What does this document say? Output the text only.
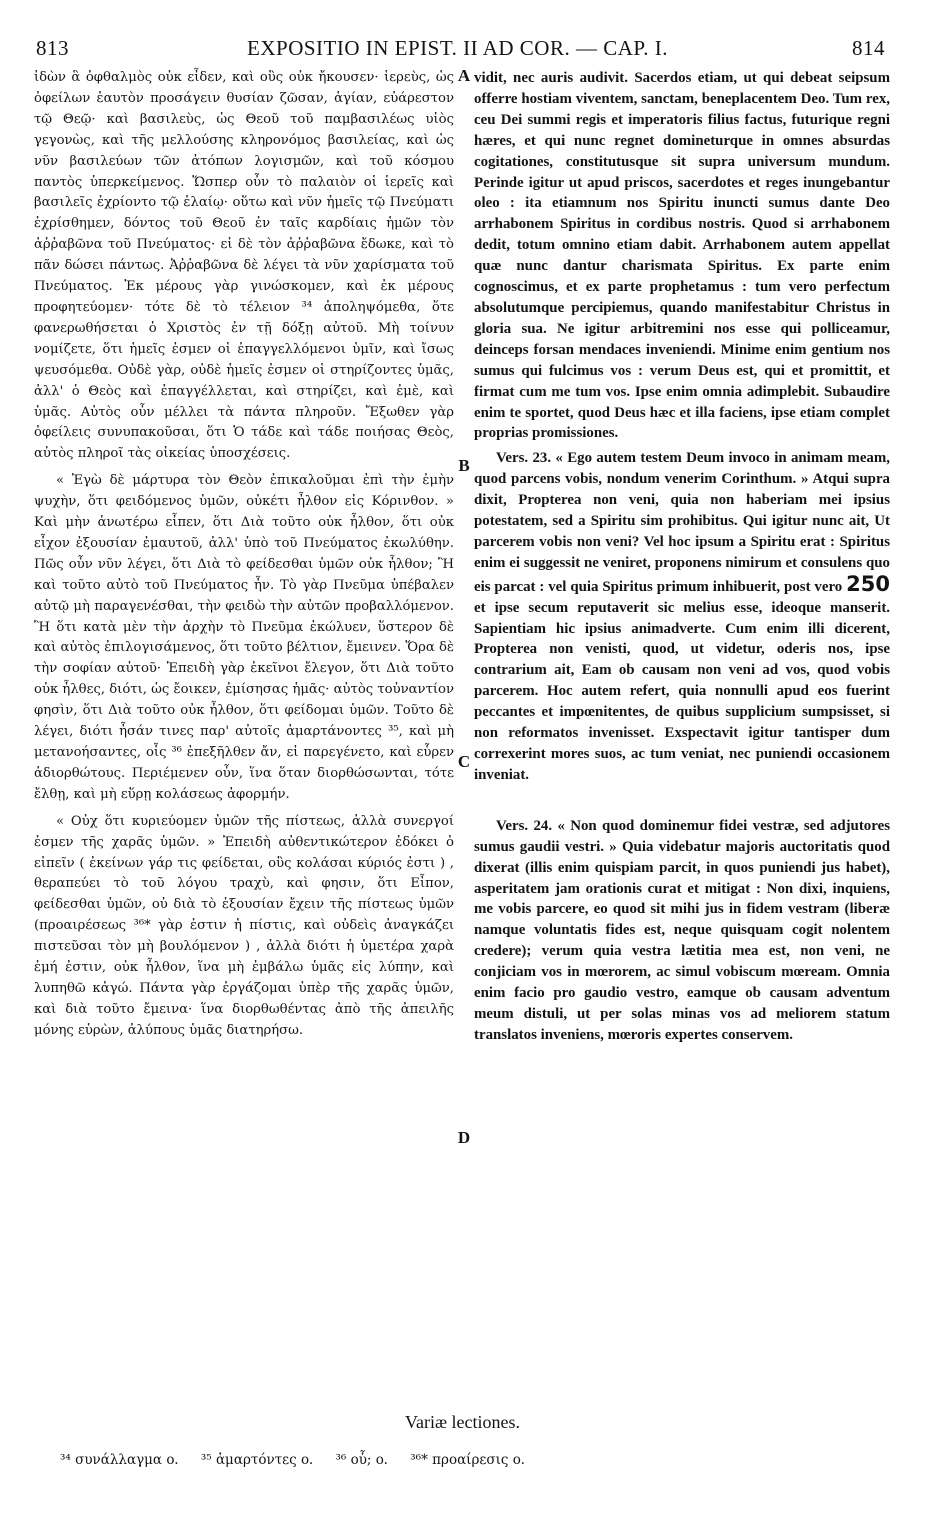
813	EXPOSITIO IN EPIST. II AD COR. — CAP. I.	814

ἰδὼν ἃ ὀφθαλμὸς οὐκ εἶδεν, καὶ οὓς οὐκ ἤκουσεν· ἱερεὺς, ὡς ὀφείλων ἑαυτὸν προσάγειν θυσίαν ζῶσαν, ἁγίαν, εὐάρεστον τῷ Θεῷ· καὶ βασιλεὺς, ὡς Θεοῦ τοῦ παμβασιλέως υἱὸς γεγονὼς, καὶ τῆς μελλούσης κληρονόμος βασιλείας, καὶ ὡς νῦν βασιλεύων τῶν ἀτόπων λογισμῶν, καὶ τοῦ κόσμου παντὸς ὑπερκείμενος. Ὥσπερ οὖν τὸ παλαιὸν οἱ ἱερεῖς καὶ βασιλεῖς ἐχρίοντο τῷ ἐλαίῳ· οὕτω καὶ νῦν ἡμεῖς τῷ Πνεύματι ἐχρίσθημεν, δόντος τοῦ Θεοῦ ἐν ταῖς καρδίαις ἡμῶν τὸν ἀῤῥαβῶνα τοῦ Πνεύματος· εἰ δὲ τὸν ἀῤῥαβῶνα ἔδωκε, καὶ τὸ πᾶν δώσει πάντως. Ἀῤῥαβῶνα δὲ λέγει τὰ νῦν χαρίσματα τοῦ Πνεύματος. Ἐκ μέρους γὰρ γινώσκομεν, καὶ ἐκ μέρους προφητεύομεν· τότε δὲ τὸ τέλειον ³⁴ ἀποληψόμεθα, ὅτε φανερωθήσεται ὁ Χριστὸς ἐν τῇ δόξῃ αὐτοῦ. Μὴ τοίνυν νομίζετε, ὅτι ἡμεῖς ἐσμεν οἱ ἐπαγγελλόμενοι ὑμῖν, καὶ ἴσως ψευσόμεθα. Οὐδὲ γὰρ, οὐδὲ ἡμεῖς ἐσμεν οἱ στηρίζοντες ὑμᾶς, ἀλλ' ὁ Θεὸς καὶ ἐπαγγέλλεται, καὶ στηρίζει, καὶ ἐμὲ, καὶ ὑμᾶς. Αὐτὸς οὖν μέλλει τὰ πάντα πληροῦν. Ἔξωθεν γὰρ ὀφείλεις συνυπακοῦσαι, ὅτι Ὁ τάδε καὶ τάδε ποιήσας Θεὸς, αὐτὸς πληροῖ τὰς οἰκείας ὑποσχέσεις.

« Ἐγὼ δὲ μάρτυρα τὸν Θεὸν ἐπικαλοῦμαι ἐπὶ τὴν ἐμὴν ψυχὴν, ὅτι φειδόμενος ὑμῶν, οὐκέτι ἦλθον εἰς Κόρινθον. » Καὶ μὴν ἀνωτέρω εἶπεν, ὅτι Διὰ τοῦτο οὐκ ἦλθον, ὅτι οὐκ εἶχον ἐξουσίαν ἐμαυτοῦ, ἀλλ' ὑπὸ τοῦ Πνεύματος ἐκωλύθην. Πῶς οὖν νῦν λέγει, ὅτι Διὰ τὸ φείδεσθαι ὑμῶν οὐκ ἦλθον; Ἢ καὶ τοῦτο αὐτὸ τοῦ Πνεύματος ἦν. Τὸ γὰρ Πνεῦμα ὑπέβαλεν αὐτῷ μὴ παραγενέσθαι, τὴν φειδὼ τὴν αὐτῶν προβαλλόμενον. Ἢ ὅτι κατὰ μὲν τὴν ἀρχὴν τὸ Πνεῦμα ἐκώλυεν, ὕστερον δὲ καὶ αὐτὸς ἐπιλογισάμενος, ὅτι τοῦτο βέλτιον, ἔμεινεν. Ὅρα δὲ τὴν σοφίαν αὐτοῦ· Ἐπειδὴ γὰρ ἐκεῖνοι ἔλεγον, ὅτι Διὰ τοῦτο οὐκ ἦλθες, διότι, ὡς ἔοικεν, ἐμίσησας ἡμᾶς· αὐτὸς τοὐναντίον φησὶν, ὅτι Διὰ τοῦτο οὐκ ἦλθον, ὅτι φείδομαι ὑμῶν. Τοῦτο δὲ λέγει, διότι ἦσάν τινες παρ' αὐτοῖς ἁμαρτάνοντες ³⁵, καὶ μὴ μετανοήσαντες, οἷς ³⁶ ἐπεξῆλθεν ἄν, εἰ παρεγένετο, καὶ εὗρεν ἀδιορθώτους. Περιέμενεν οὖν, ἵνα ὅταν διορθώσωνται, τότε ἔλθῃ, καὶ μὴ εὕρῃ κολάσεως ἀφορμήν.

« Οὐχ ὅτι κυριεύομεν ὑμῶν τῆς πίστεως, ἀλλὰ συνεργοί ἐσμεν τῆς χαρᾶς ὑμῶν. » Ἐπειδὴ αὐθεντικώτερον ἐδόκει ὁ εἰπεῖν ( ἐκείνων γάρ τις φείδεται, οὓς κολάσαι κύριός ἐστι ) , θεραπεύει τὸ τοῦ λόγου τραχὺ, καὶ φησιν, ὅτι Εἶπον, φείδεσθαι ὑμῶν, οὐ διὰ τὸ ἐξουσίαν ἔχειν τῆς πίστεως ὑμῶν (προαιρέσεως ³⁶* γὰρ ἐστιν ἡ πίστις, καὶ οὐδεὶς ἀναγκάζει πιστεῦσαι τὸν μὴ βουλόμενον ) , ἀλλὰ διότι ἡ ὑμετέρα χαρὰ ἐμή ἐστιν, οὐκ ἦλθον, ἵνα μὴ ἐμβάλω ὑμᾶς εἰς λύπην, καὶ λυπηθῶ κἀγώ. Πάντα γὰρ ἐργάζομαι ὑπὲρ τῆς χαρᾶς ὑμῶν, καὶ διὰ τοῦτο ἔμεινα· ἵνα διορθωθέντας ἀπὸ τῆς ἀπειλῆς μόνης εὑρὼν, ἀλύπους ὑμᾶς διατηρήσω.

A
B
C
D

vidit, nec auris audivit. Sacerdos etiam, ut qui debeat seipsum offerre hostiam viventem, sanctam, beneplacentem Deo. Tum rex, ceu Dei summi regis et imperatoris filius factus, futurique regni hæres, et qui nunc regnet domineturque in omnes absurdas cogitationes, constitutusque sit supra universum mundum. Perinde igitur ut apud priscos, sacerdotes et reges inungebantur oleo : ita etiamnum nos Spiritu inuncti sumus dante Deo arrhabonem Spiritus in cordibus nostris. Quod si arrhabonem dedit, totum omnino etiam dabit. Arrhabonem autem appellat quæ nunc dantur charismata Spiritus. Ex parte enim cognoscimus, et ex parte prophetamus : tum vero perfectum absolutumque percipiemus, quando manifestabitur Christus in gloria sua. Ne igitur arbitremini nos esse qui polliceamur, deinceps forsan mendaces inveniendi. Minime enim gentium nos sumus qui fulcimus vos : verum Deus est, qui et promittit, et firmat cum me tum vos. Ipse enim omnia adimplebit. Subaudire enim te sportet, quod Deus hæc et illa faciens, ipse etiam complet proprias promissiones.

Vers. 23. « Ego autem testem Deum invoco in animam meam, quod parcens vobis, nondum venerim Corinthum. » Atqui supra dixit, Propterea non veni, quia non haberiam mei ipsius potestatem, sed a Spiritu sim prohibitus. Qui igitur nunc ait, Ut parcerem vobis non veni? Vel hoc ipsum a Spiritu erat : Spiritus enim ei suggessit ne veniret, proponens nimirum et consulens quo eis parcat : vel quia Spiritus primum inhibuerit, post vero 250 et ipse secum reputaverit sic melius esse, ideoque manserit. Sapientiam hic ipsius animadverte. Cum enim illi dicerent, Propterea non venisti, quod, ut videtur, oderis nos, ipse contrarium ait, Eam ob causam non veni ad vos, quod vobis parcerem. Hoc autem refert, quia nonnulli apud eos fuerint peccantes et impœnitentes, de quibus supplicium sumpsisset, si non reformatos invenisset. Exspectavit igitur tantisper dum correxerint mores suos, ac tum veniat, nec puniendi occasionem inveniat.

Vers. 24. « Non quod dominemur fidei vestræ, sed adjutores sumus gaudii vestri. » Quia videbatur majoris auctoritatis quod dixerat (illis enim quispiam parcit, in quos puniendi jus habet), asperitatem jam orationis curat et mitigat : Non dixi, inquiens, me vobis parcere, eo quod sit mihi jus in fidem vestram (liberæ namque voluntatis fides est, neque quisquam cogit nolentem credere); verum quia vestra lætitia mea est, non veni, ne conjiciam vos in mœrorem, ac simul vobiscum mœream. Omnia enim facio pro gaudio vestro, eamque ob causam adventum meum distuli, ut per solas minas vos ad meliorem statum translatos inveniens, mœroris expertes conservem.

Variæ lectiones.
³⁴ συνάλλαγμα o. ³⁵ ἁμαρτόντες o. ³⁶ οὗ; o. ³⁶* προαίρεσις o.
